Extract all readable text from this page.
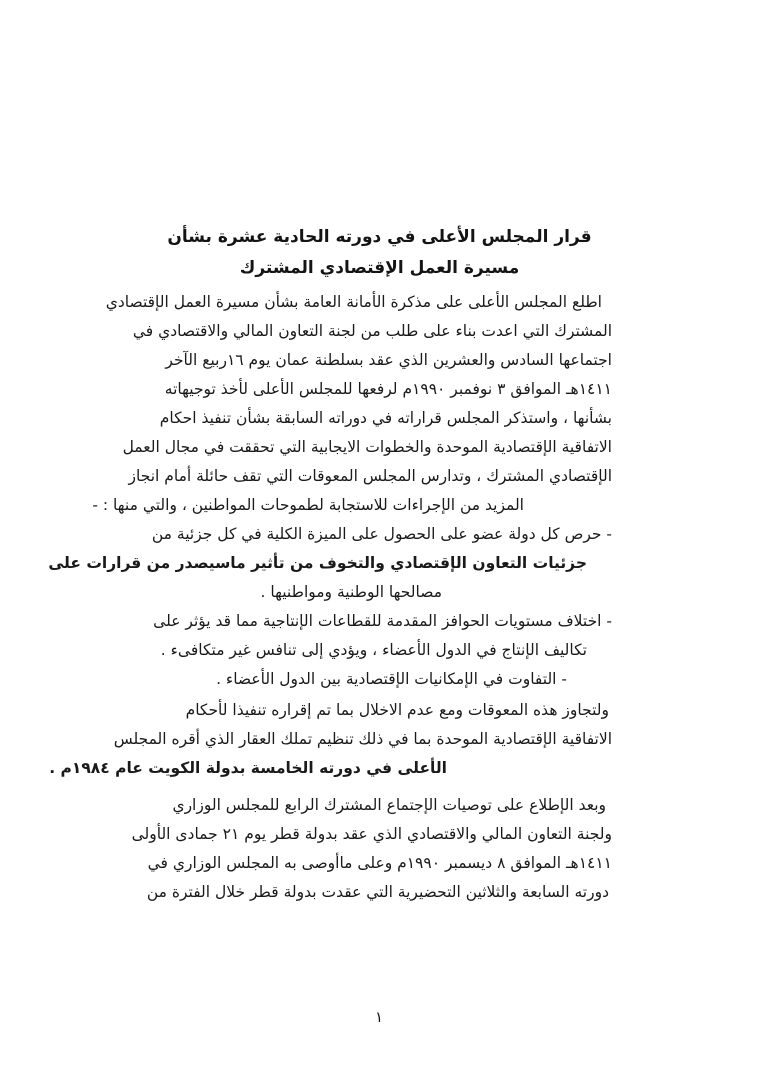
قرار المجلس الأعلى في دورته الحادية عشرة بشأن
مسيرة العمل الإقتصادي المشترك

اطلع المجلس الأعلى على مذكرة الأمانة العامة بشأن مسيرة العمل الإقتصادي
المشترك التي اعدت بناء على طلب من لجنة التعاون المالي والاقتصادي في
اجتماعها السادس والعشرين الذي عقد بسلطنة عمان يوم ١٦ربيع الآخر
١٤١١هـ الموافق ٣ نوفمبر ١٩٩٠م لرفعها للمجلس الأعلى لأخذ توجيهاته
بشأنها ، واستذكر المجلس قراراته في دوراته السابقة بشأن تنفيذ احكام
الاتفاقية الإقتصادية الموحدة والخطوات الايجابية التي تحققت في مجال العمل
الإقتصادي المشترك ، وتدارس المجلس المعوقات التي تقف حائلة أمام انجاز
المزيد من الإجراءات للاستجابة لطموحات المواطنين ، والتي منها : -

- حرص كل دولة عضو على الحصول على الميزة الكلية في كل جزئية من
جزئيات التعاون الإقتصادي والتخوف من تأثير ماسيصدر من قرارات على
مصالحها الوطنية ومواطنيها .

- اختلاف مستويات الحوافز المقدمة للقطاعات الإنتاجية مما قد يؤثر على
تكاليف الإنتاج في الدول الأعضاء ، ويؤدي إلى تنافس غير متكافىء .

- التفاوت في الإمكانيات الإقتصادية بين الدول الأعضاء .

ولتجاوز هذه المعوقات ومع عدم الاخلال بما تم إقراره تنفيذا لأحكام
الاتفاقية الإقتصادية الموحدة بما في ذلك تنظيم تملك العقار الذي أقره المجلس
الأعلى في دورته الخامسة بدولة الكويت عام ١٩٨٤م .

وبعد الإطلاع على توصيات الإجتماع المشترك الرابع للمجلس الوزاري
ولجنة التعاون المالي والاقتصادي الذي عقد بدولة قطر يوم ٢١ جمادى الأولى
١٤١١هـ الموافق ٨ ديسمبر ١٩٩٠م وعلى ماأوصى به المجلس الوزاري في
دورته السابعة والثلاثين التحضيرية التي عقدت بدولة قطر خلال الفترة من

١
